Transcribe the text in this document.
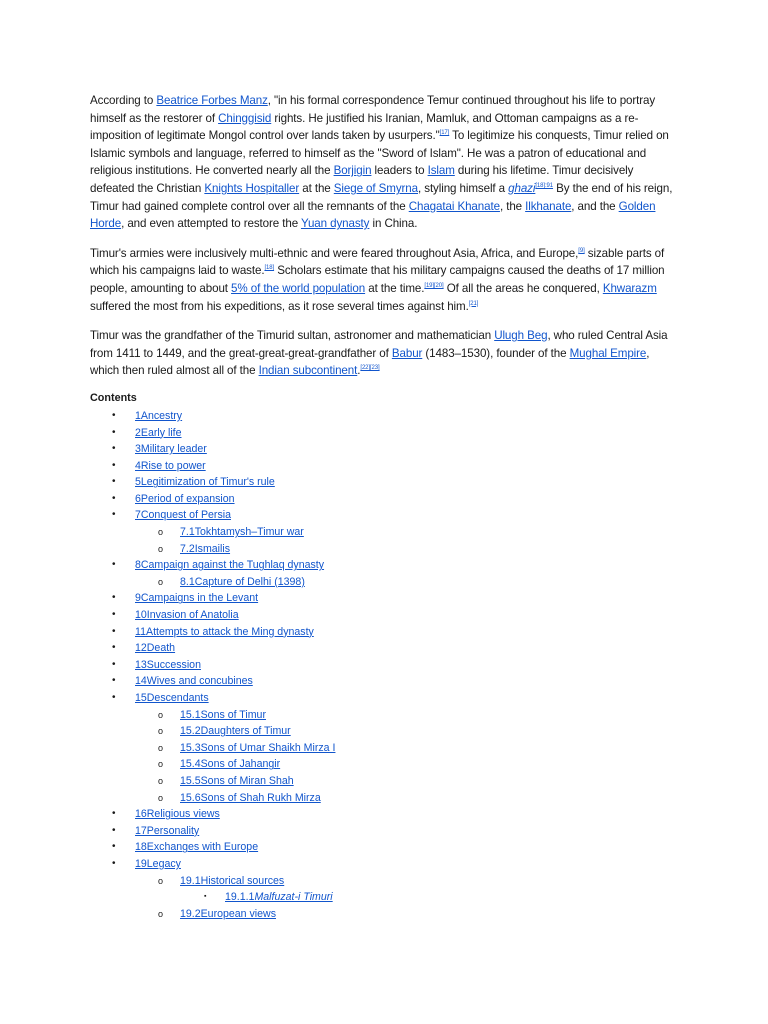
According to Beatrice Forbes Manz, "in his formal correspondence Temur continued throughout his life to portray himself as the restorer of Chinggisid rights. He justified his Iranian, Mamluk, and Ottoman campaigns as a re-imposition of legitimate Mongol control over lands taken by usurpers."[17] To legitimize his conquests, Timur relied on Islamic symbols and language, referred to himself as the "Sword of Islam". He was a patron of educational and religious institutions. He converted nearly all the Borjigin leaders to Islam during his lifetime. Timur decisively defeated the Christian Knights Hospitaller at the Siege of Smyrna, styling himself a ghazi$^{[18]:91}$ By the end of his reign, Timur had gained complete control over all the remnants of the Chagatai Khanate, the Ilkhanate, and the Golden Horde, and even attempted to restore the Yuan dynasty in China.

Timur's armies were inclusively multi-ethnic and were feared throughout Asia, Africa, and Europe,[9] sizable parts of which his campaigns laid to waste.[18] Scholars estimate that his military campaigns caused the deaths of 17 million people, amounting to about 5% of the world population at the time.[19][20] Of all the areas he conquered, Khwarazm suffered the most from his expeditions, as it rose several times against him.[21]

Timur was the grandfather of the Timurid sultan, astronomer and mathematician Ulugh Beg, who ruled Central Asia from 1411 to 1449, and the great-great-great-grandfather of Babur (1483–1530), founder of the Mughal Empire, which then ruled almost all of the Indian subcontinent.[22][23]

Contents
• 1Ancestry
• 2Early life
• 3Military leader
• 4Rise to power
• 5Legitimization of Timur's rule
• 6Period of expansion
• 7Conquest of Persia
o 7.1Tokhtamysh–Timur war
o 7.2Ismailis
• 8Campaign against the Tughlaq dynasty
o 8.1Capture of Delhi (1398)
• 9Campaigns in the Levant
• 10Invasion of Anatolia
• 11Attempts to attack the Ming dynasty
• 12Death
• 13Succession
• 14Wives and concubines
• 15Descendants
o 15.1Sons of Timur
o 15.2Daughters of Timur
o 15.3Sons of Umar Shaikh Mirza I
o 15.4Sons of Jahangir
o 15.5Sons of Miran Shah
o 15.6Sons of Shah Rukh Mirza
• 16Religious views
• 17Personality
• 18Exchanges with Europe
• 19Legacy
o 19.1Historical sources
▪ 19.1.1Malfuzat-i Timuri
o 19.2European views
